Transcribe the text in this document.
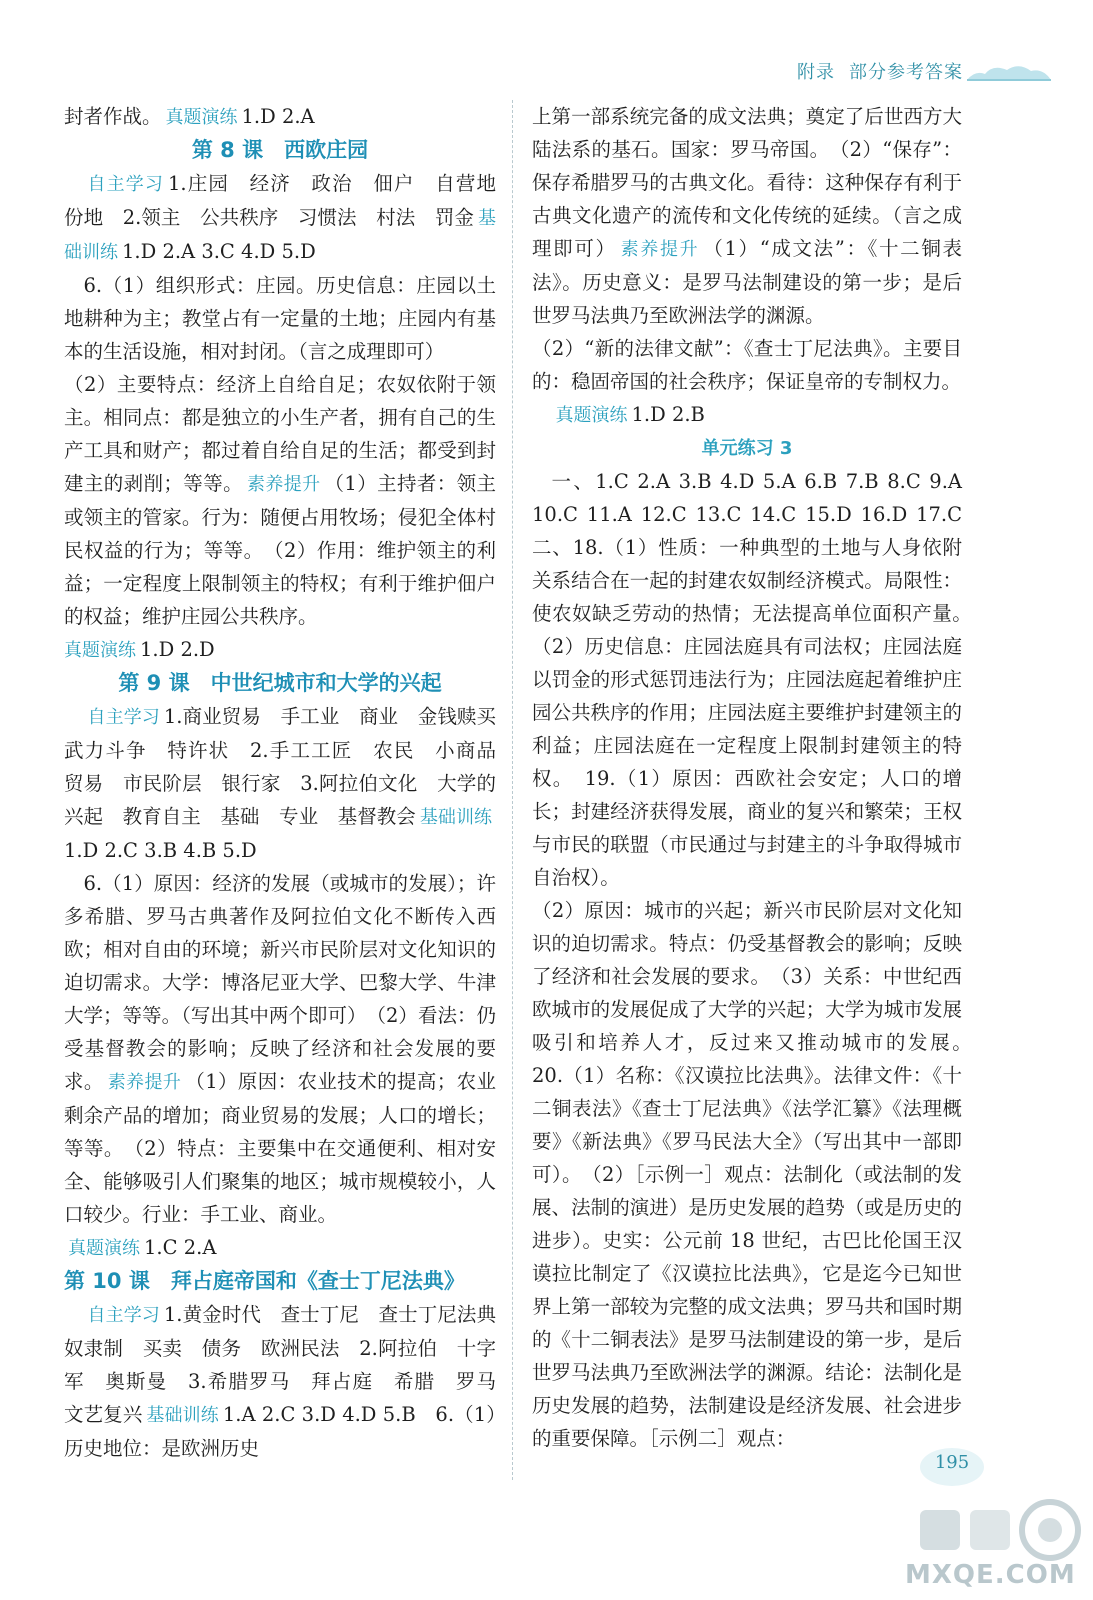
附录 部分参考答案

封者作战。 真题演练 1.D 2.A

第 8 课　西欧庄园

自主学习 1.庄园　经济　政治　佃户　自营地　份地　2.领主　公共秩序　习惯法　村法　罚金 基础训练 1.D 2.A 3.C 4.D 5.D

6.（1）组织形式：庄园。历史信息：庄园以土地耕种为主；教堂占有一定量的土地；庄园内有基本的生活设施，相对封闭。（言之成理即可）

（2）主要特点：经济上自给自足；农奴依附于领主。相同点：都是独立的小生产者，拥有自己的生产工具和财产；都过着自给自足的生活；都受到封建主的剥削；等等。 素养提升 （1）主持者：领主或领主的管家。行为：随便占用牧场；侵犯全体村民权益的行为；等等。　（2）作用：维护领主的利益；一定程度上限制领主的特权；有利于维护佃户的权益；维护庄园公共秩序。

真题演练 1.D 2.D

第 9 课　中世纪城市和大学的兴起

自主学习 1.商业贸易　手工业　商业　金钱赎买　武力斗争　特许状　2.手工工匠　农民　小商品　贸易　市民阶层　银行家　3.阿拉伯文化　大学的兴起　教育自主　基础　专业　基督教会 基础训练1.D 2.C 3.B 4.B 5.D

6.（1）原因：经济的发展（或城市的发展）；许多希腊、罗马古典著作及阿拉伯文化不断传入西欧；相对自由的环境；新兴市民阶层对文化知识的迫切需求。大学：博洛尼亚大学、巴黎大学、牛津大学；等等。（写出其中两个即可）　（2）看法：仍受基督教会的影响；反映了经济和社会发展的要求。 素养提升 （1）原因：农业技术的提高；农业剩余产品的增加；商业贸易的发展；人口的增长；等等。　（2）特点：主要集中在交通便利、相对安全、能够吸引人们聚集的地区；城市规模较小，人口较少。行业：手工业、商业。

真题演练 1.C 2.A

第 10 课　拜占庭帝国和《查士丁尼法典》

自主学习 1.黄金时代　查士丁尼　查士丁尼法典　奴隶制　买卖　债务　欧洲民法　2.阿拉伯　十字军　奥斯曼　3.希腊罗马　拜占庭　希腊　罗马　文艺复兴 基础训练 1.A 2.C 3.D 4.D 5.B　 6.（1）历史地位：是欧洲历史

上第一部系统完备的成文法典；奠定了后世西方大陆法系的基石。国家：罗马帝国。　（2）“保存”：保存希腊罗马的古典文化。看待：这种保存有利于古典文化遗产的流传和文化传统的延续。（言之成理即可） 素养提升 （1）“成文法”：《十二铜表法》。历史意义：是罗马法制建设的第一步；是后世罗马法典乃至欧洲法学的渊源。

（2）“新的法律文献”：《查士丁尼法典》。主要目的：稳固帝国的社会秩序；保证皇帝的专制权力。

真题演练 1.D 2.B

单元练习 3

一、1.C 2.A 3.B 4.D 5.A 6.B 7.B 8.C 9.A 10.C 11.A 12.C 13.C 14.C 15.D 16.D 17.C　二、18.（1）性质：一种典型的土地与人身依附关系结合在一起的封建农奴制经济模式。局限性：使农奴缺乏劳动的热情；无法提高单位面积产量。　（2）历史信息：庄园法庭具有司法权；庄园法庭以罚金的形式惩罚违法行为；庄园法庭起着维护庄园公共秩序的作用；庄园法庭主要维护封建领主的利益；庄园法庭在一定程度上限制封建领主的特权。　19.（1）原因：西欧社会安定；人口的增长；封建经济获得发展，商业的复兴和繁荣；王权与市民的联盟（市民通过与封建主的斗争取得城市自治权）。

（2）原因：城市的兴起；新兴市民阶层对文化知识的迫切需求。特点：仍受基督教会的影响；反映了经济和社会发展的要求。　（3）关系：中世纪西欧城市的发展促成了大学的兴起；大学为城市发展吸引和培养人才，反过来又推动城市的发展。　20.（1）名称：《汉谟拉比法典》。法律文件：《十二铜表法》《查士丁尼法典》《法学汇纂》《法理概要》《新法典》《罗马民法大全》（写出其中一部即可）。　（2）［示例一］观点：法制化（或法制的发展、法制的演进）是历史发展的趋势（或是历史的进步）。史实：公元前 18 世纪，古巴比伦国王汉谟拉比制定了《汉谟拉比法典》，它是迄今已知世界上第一部较为完整的成文法典；罗马共和国时期的《十二铜表法》是罗马法制建设的第一步，是后世罗马法典乃至欧洲法学的渊源。结论：法制化是历史发展的趋势，法制建设是经济发展、社会进步的重要保障。［示例二］观点：

195
MXQE.COM
